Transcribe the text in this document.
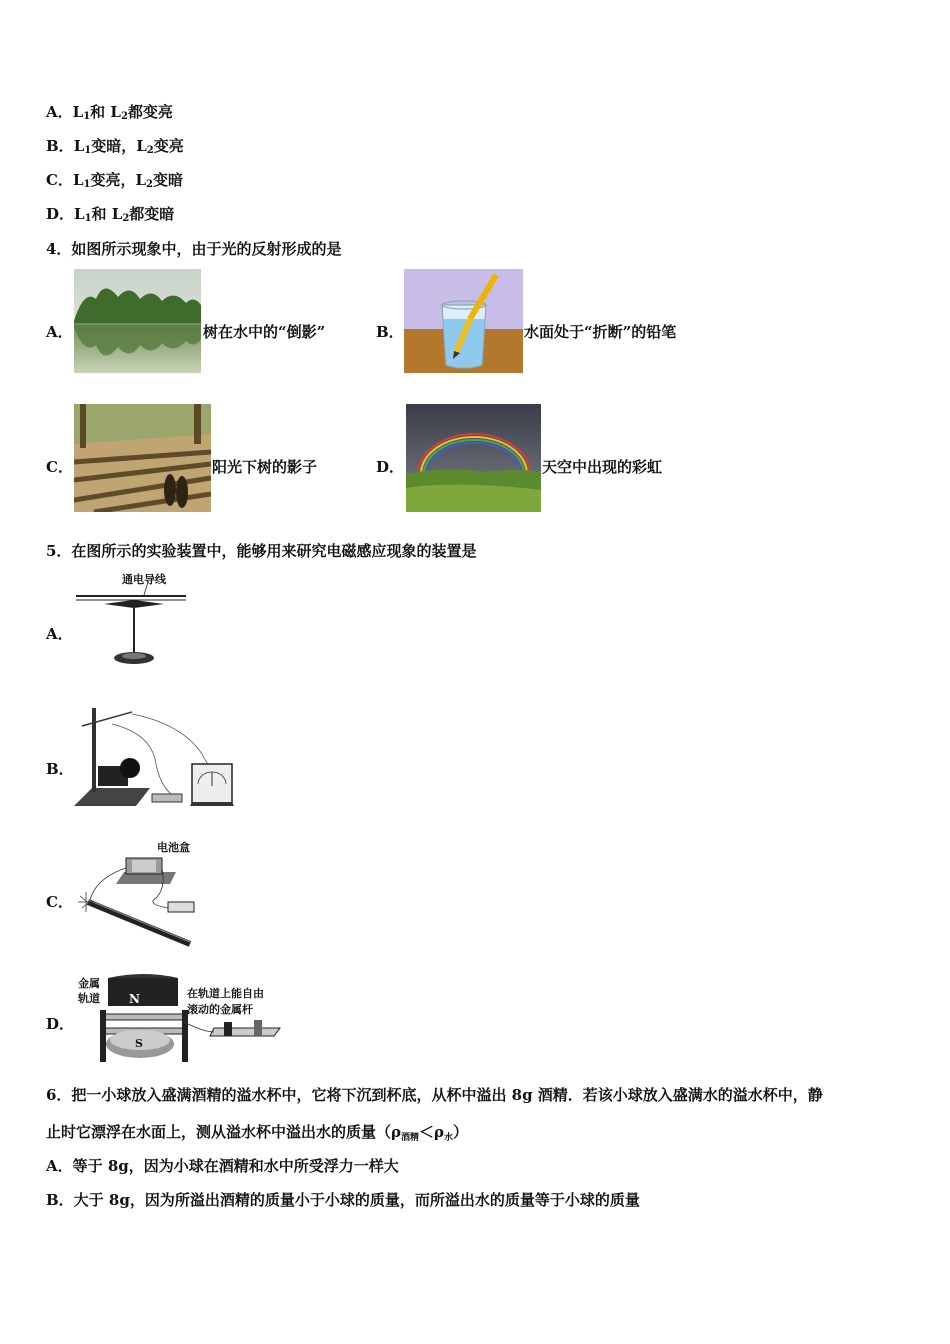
A．$L_1$和 $L_2$都变亮
B．$L_1$变暗，$L_2$变亮
C．$L_1$变亮，$L_2$变暗
D．$L_1$和 $L_2$都变暗
4．如图所示现象中，由于光的反射形成的是
A．	树在水中的“倒影”	B．	水面处于“折断”的铅笔
C．	阳光下树的影子	D．	天空中出现的彩虹
5．在图所示的实验装置中，能够用来研究电磁感应现象的装置是
A．
通电导线
B．
C．
电池盒
D．
金属
轨道	在轨道上能自由
滚动的金属杆
N
S
6．把一小球放入盛满酒精的溢水杯中，它将下沉到杯底，从杯中溢出 8g 酒精．若该小球放入盛满水的溢水杯中，静
止时它漂浮在水面上，测从溢水杯中溢出水的质量$(\rho_{酒精}<\rho_水)$
A．等于 8g，因为小球在酒精和水中所受浮力一样大
B．大于 8g，因为所溢出酒精的质量小于小球的质量，而所溢出水的质量等于小球的质量
